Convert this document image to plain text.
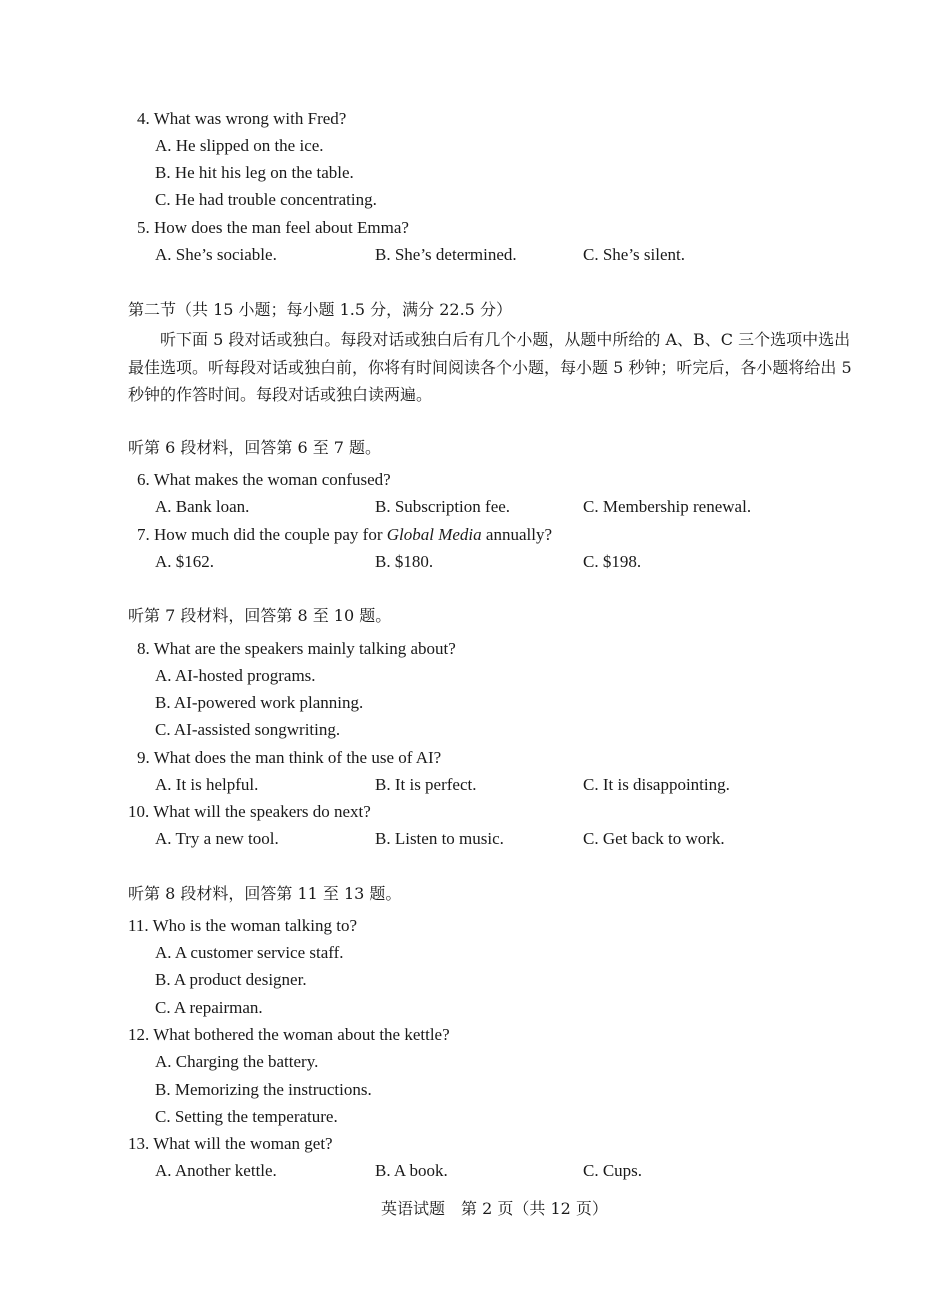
4. What was wrong with Fred?
A. He slipped on the ice.
B. He hit his leg on the table.
C. He had trouble concentrating.
5. How does the man feel about Emma?
A. She’s sociable.	B. She’s determined.	C. She’s silent.
第二节（共 15 小题；每小题 1.5 分，满分 22.5 分）
听下面 5 段对话或独白。每段对话或独白后有几个小题，从题中所给的 A、B、C 三个选项中选出最佳选项。听每段对话或独白前，你将有时间阅读各个小题，每小题 5 秒钟；听完后，各小题将给出 5 秒钟的作答时间。每段对话或独白读两遍。
听第 6 段材料，回答第 6 至 7 题。
6. What makes the woman confused?
A. Bank loan.	B. Subscription fee.	C. Membership renewal.
7. How much did the couple pay for Global Media annually?
A. $162.	B. $180.	C. $198.
听第 7 段材料，回答第 8 至 10 题。
8. What are the speakers mainly talking about?
A. AI-hosted programs.
B. AI-powered work planning.
C. AI-assisted songwriting.
9. What does the man think of the use of AI?
A. It is helpful.	B. It is perfect.	C. It is disappointing.
10. What will the speakers do next?
A. Try a new tool.	B. Listen to music.	C. Get back to work.
听第 8 段材料，回答第 11 至 13 题。
11. Who is the woman talking to?
A. A customer service staff.
B. A product designer.
C. A repairman.
12. What bothered the woman about the kettle?
A. Charging the battery.
B. Memorizing the instructions.
C. Setting the temperature.
13. What will the woman get?
A. Another kettle.	B. A book.	C. Cups.
英语试题　第 2 页（共 12 页）
